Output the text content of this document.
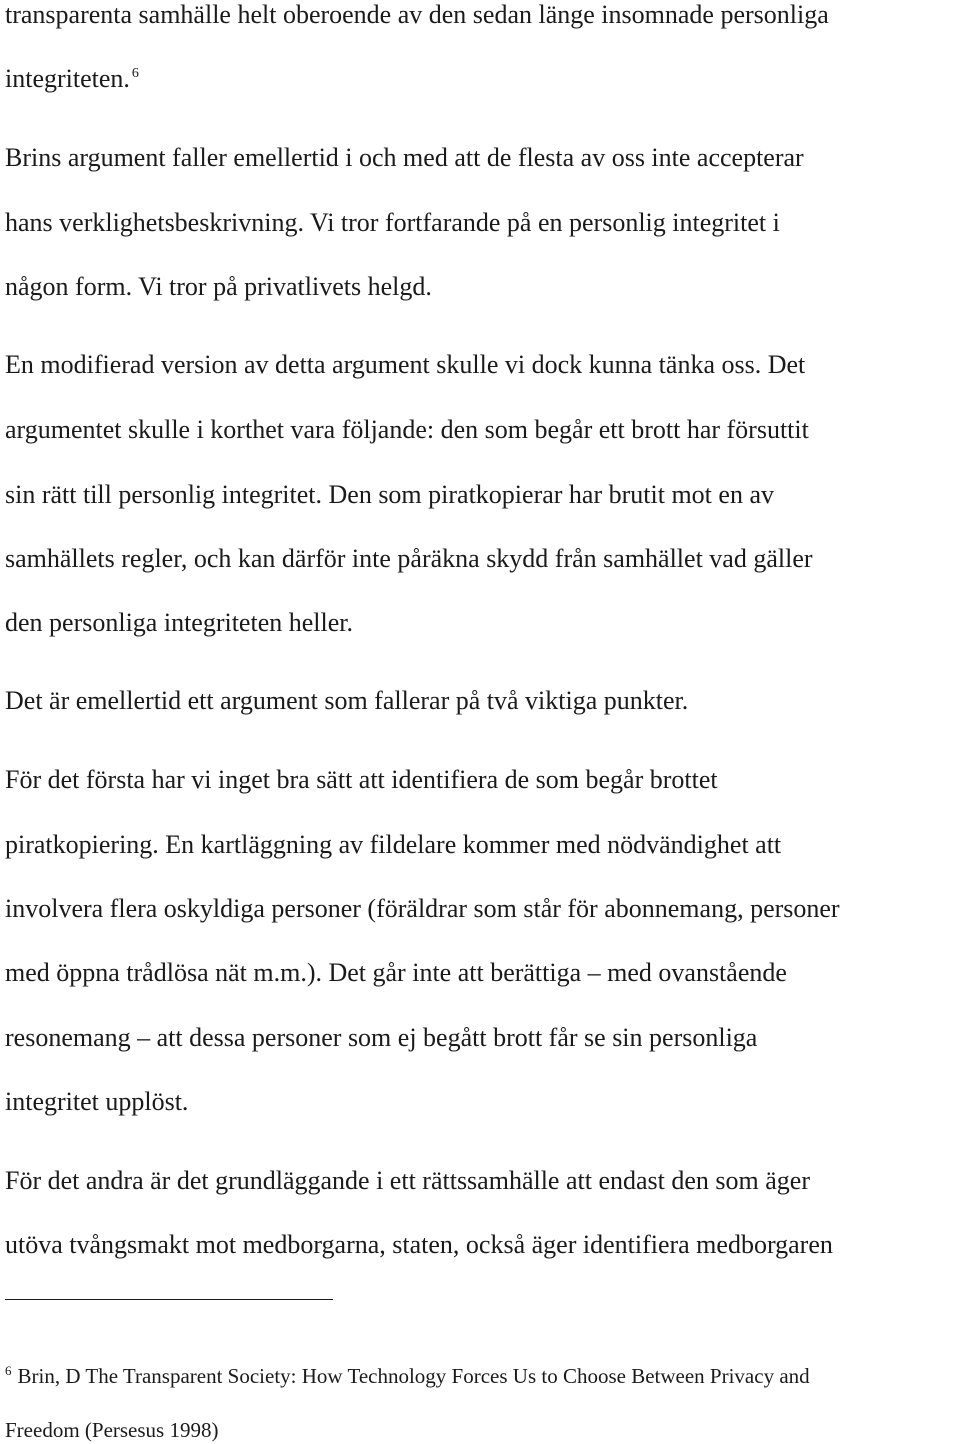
transparenta samhälle helt oberoende av den sedan länge insomnade personliga
integriteten. $^6$
Brins argument faller emellertid i och med att de flesta av oss inte accepterar
hans verklighetsbeskrivning. Vi tror fortfarande på en personlig integritet i
någon form. Vi tror på privatlivets helgd.
En modifierad version av detta argument skulle vi dock kunna tänka oss. Det
argumentet skulle i korthet vara följande: den som begår ett brott har försuttit
sin rätt till personlig integritet. Den som piratkopierar har brutit mot en av
samhällets regler, och kan därför inte påräkna skydd från samhället vad gäller
den personliga integriteten heller.
Det är emellertid ett argument som fallerar på två viktiga punkter.
För det första har vi inget bra sätt att identifiera de som begår brottet
piratkopiering. En kartläggning av fildelare kommer med nödvändighet att
involvera flera oskyldiga personer (föräldrar som står för abonnemang, personer
med öppna trådlösa nät m.m.). Det går inte att berättiga – med ovanstående
resonemang – att dessa personer som ej begått brott får se sin personliga
integritet upplöst.
För det andra är det grundläggande i ett rättssamhälle att endast den som äger
utöva tvångsmakt mot medborgarna, staten, också äger identifiera medborgaren
$^6$ Brin, D The Transparent Society: How Technology Forces Us to Choose Between Privacy and
Freedom (Persesus 1998)
